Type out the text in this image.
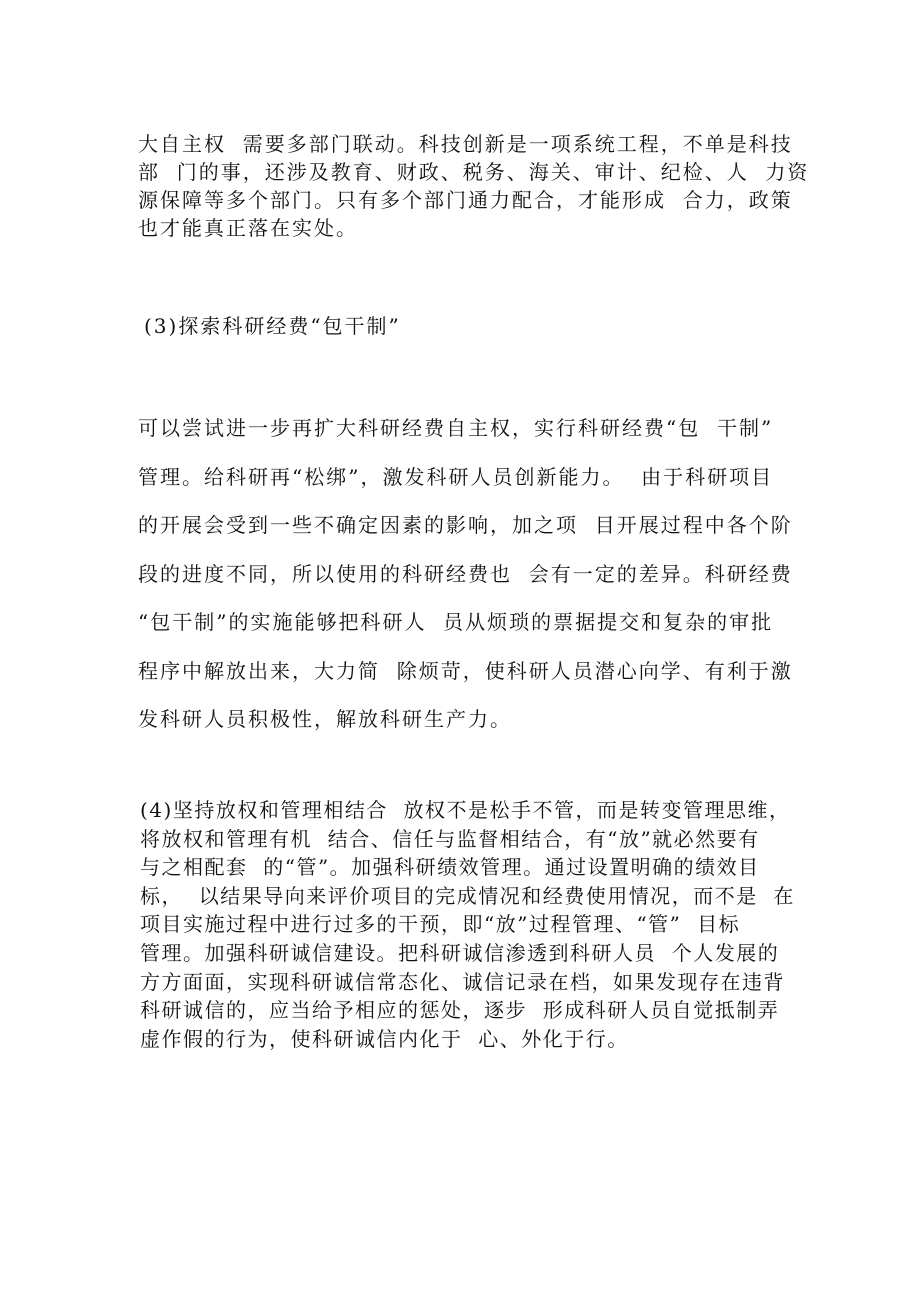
大自主权  需要多部门联动。科技创新是一项系统工程，不单是科技
部  门的事，还涉及教育、财政、税务、海关、审计、纪检、人  力资
源保障等多个部门。只有多个部门通力配合，才能形成  合力，政策
也才能真正落在实处。
(3)探索科研经费“包干制”
可以尝试进一步再扩大科研经费自主权，实行科研经费“包  干制”
管理。给科研再“松绑”，激发科研人员创新能力。  由于科研项目
的开展会受到一些不确定因素的影响，加之项  目开展过程中各个阶
段的进度不同，所以使用的科研经费也  会有一定的差异。科研经费
“包干制”的实施能够把科研人  员从烦琐的票据提交和复杂的审批
程序中解放出来，大力简  除烦苛，使科研人员潜心向学、有利于激
发科研人员积极性，解放科研生产力。
(4)坚持放权和管理相结合  放权不是松手不管，而是转变管理思维，
将放权和管理有机  结合、信任与监督相结合，有“放”就必然要有
与之相配套  的“管”。加强科研绩效管理。通过设置明确的绩效目
标，  以结果导向来评价项目的完成情况和经费使用情况，而不是  在
项目实施过程中进行过多的干预，即“放”过程管理、“管”  目标
管理。加强科研诚信建设。把科研诚信渗透到科研人员  个人发展的
方方面面，实现科研诚信常态化、诚信记录在档，如果发现存在违背
科研诚信的，应当给予相应的惩处，逐步  形成科研人员自觉抵制弄
虚作假的行为，使科研诚信内化于  心、外化于行。
